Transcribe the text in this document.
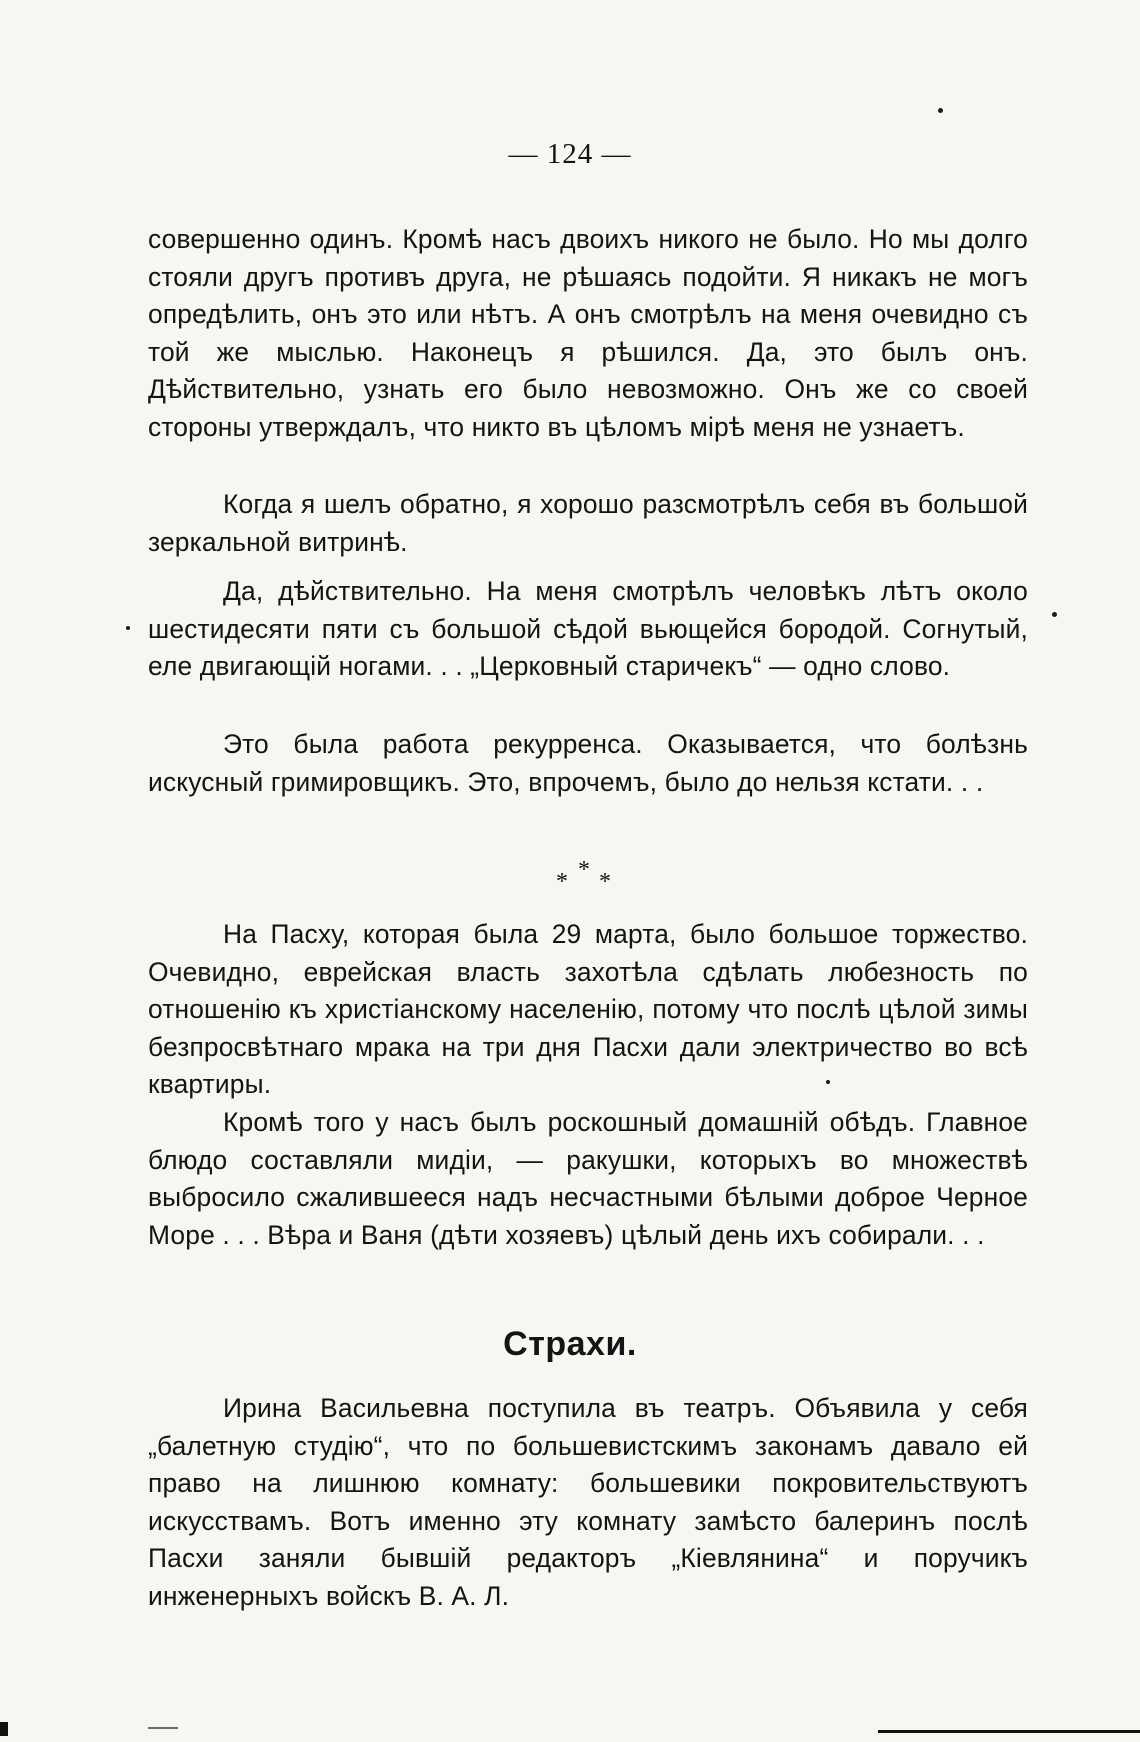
— 124 —

совершенно одинъ. Кромѣ насъ двоихъ никого не было. Но мы долго стояли другъ противъ друга, не рѣшаясь подойти. Я никакъ не могъ опредѣлить, онъ это или нѣтъ. А онъ смотрѣлъ на меня очевидно съ той же мыслью. Наконецъ я рѣшился. Да, это былъ онъ. Дѣйствительно, узнать его было невозможно. Онъ же со своей стороны утверждалъ, что никто въ цѣломъ мірѣ меня не узнаетъ.

Когда я шелъ обратно, я хорошо разсмотрѣлъ себя въ большой зеркальной витринѣ.

Да, дѣйствительно. На меня смотрѣлъ человѣкъ лѣтъ около шестидесяти пяти съ большой сѣдой вьющейся бородой. Согнутый, еле двигающій ногами. . . „Церковный старичекъ“ — одно слово.

Это была работа рекурренса. Оказывается, что болѣзнь искусный гримировщикъ. Это, впрочемъ, было до нельзя кстати. . .

* * *

На Пасху, которая была 29 марта, было большое торжество. Очевидно, еврейская власть захотѣла сдѣлать любезность по отношенію къ христіанскому населенію, потому что послѣ цѣлой зимы безпросвѣтнаго мрака на три дня Пасхи дали электричество во всѣ квартиры.

Кромѣ того у насъ былъ роскошный домашній обѣдъ. Главное блюдо составляли мидіи, — ракушки, которыхъ во множествѣ выбросило сжалившееся надъ несчастными бѣлыми доброе Черное Море . . . Вѣра и Ваня (дѣти хозяевъ) цѣлый день ихъ собирали. . .

Страхи.

Ирина Васильевна поступила въ театръ. Объявила у себя „балетную студію“, что по большевистскимъ законамъ давало ей право на лишнюю комнату: большевики покровительствуютъ искусствамъ. Вотъ именно эту комнату замѣсто балеринъ послѣ Пасхи заняли бывшій редакторъ „Кіевлянина“ и поручикъ инженерныхъ войскъ В. А. Л.
